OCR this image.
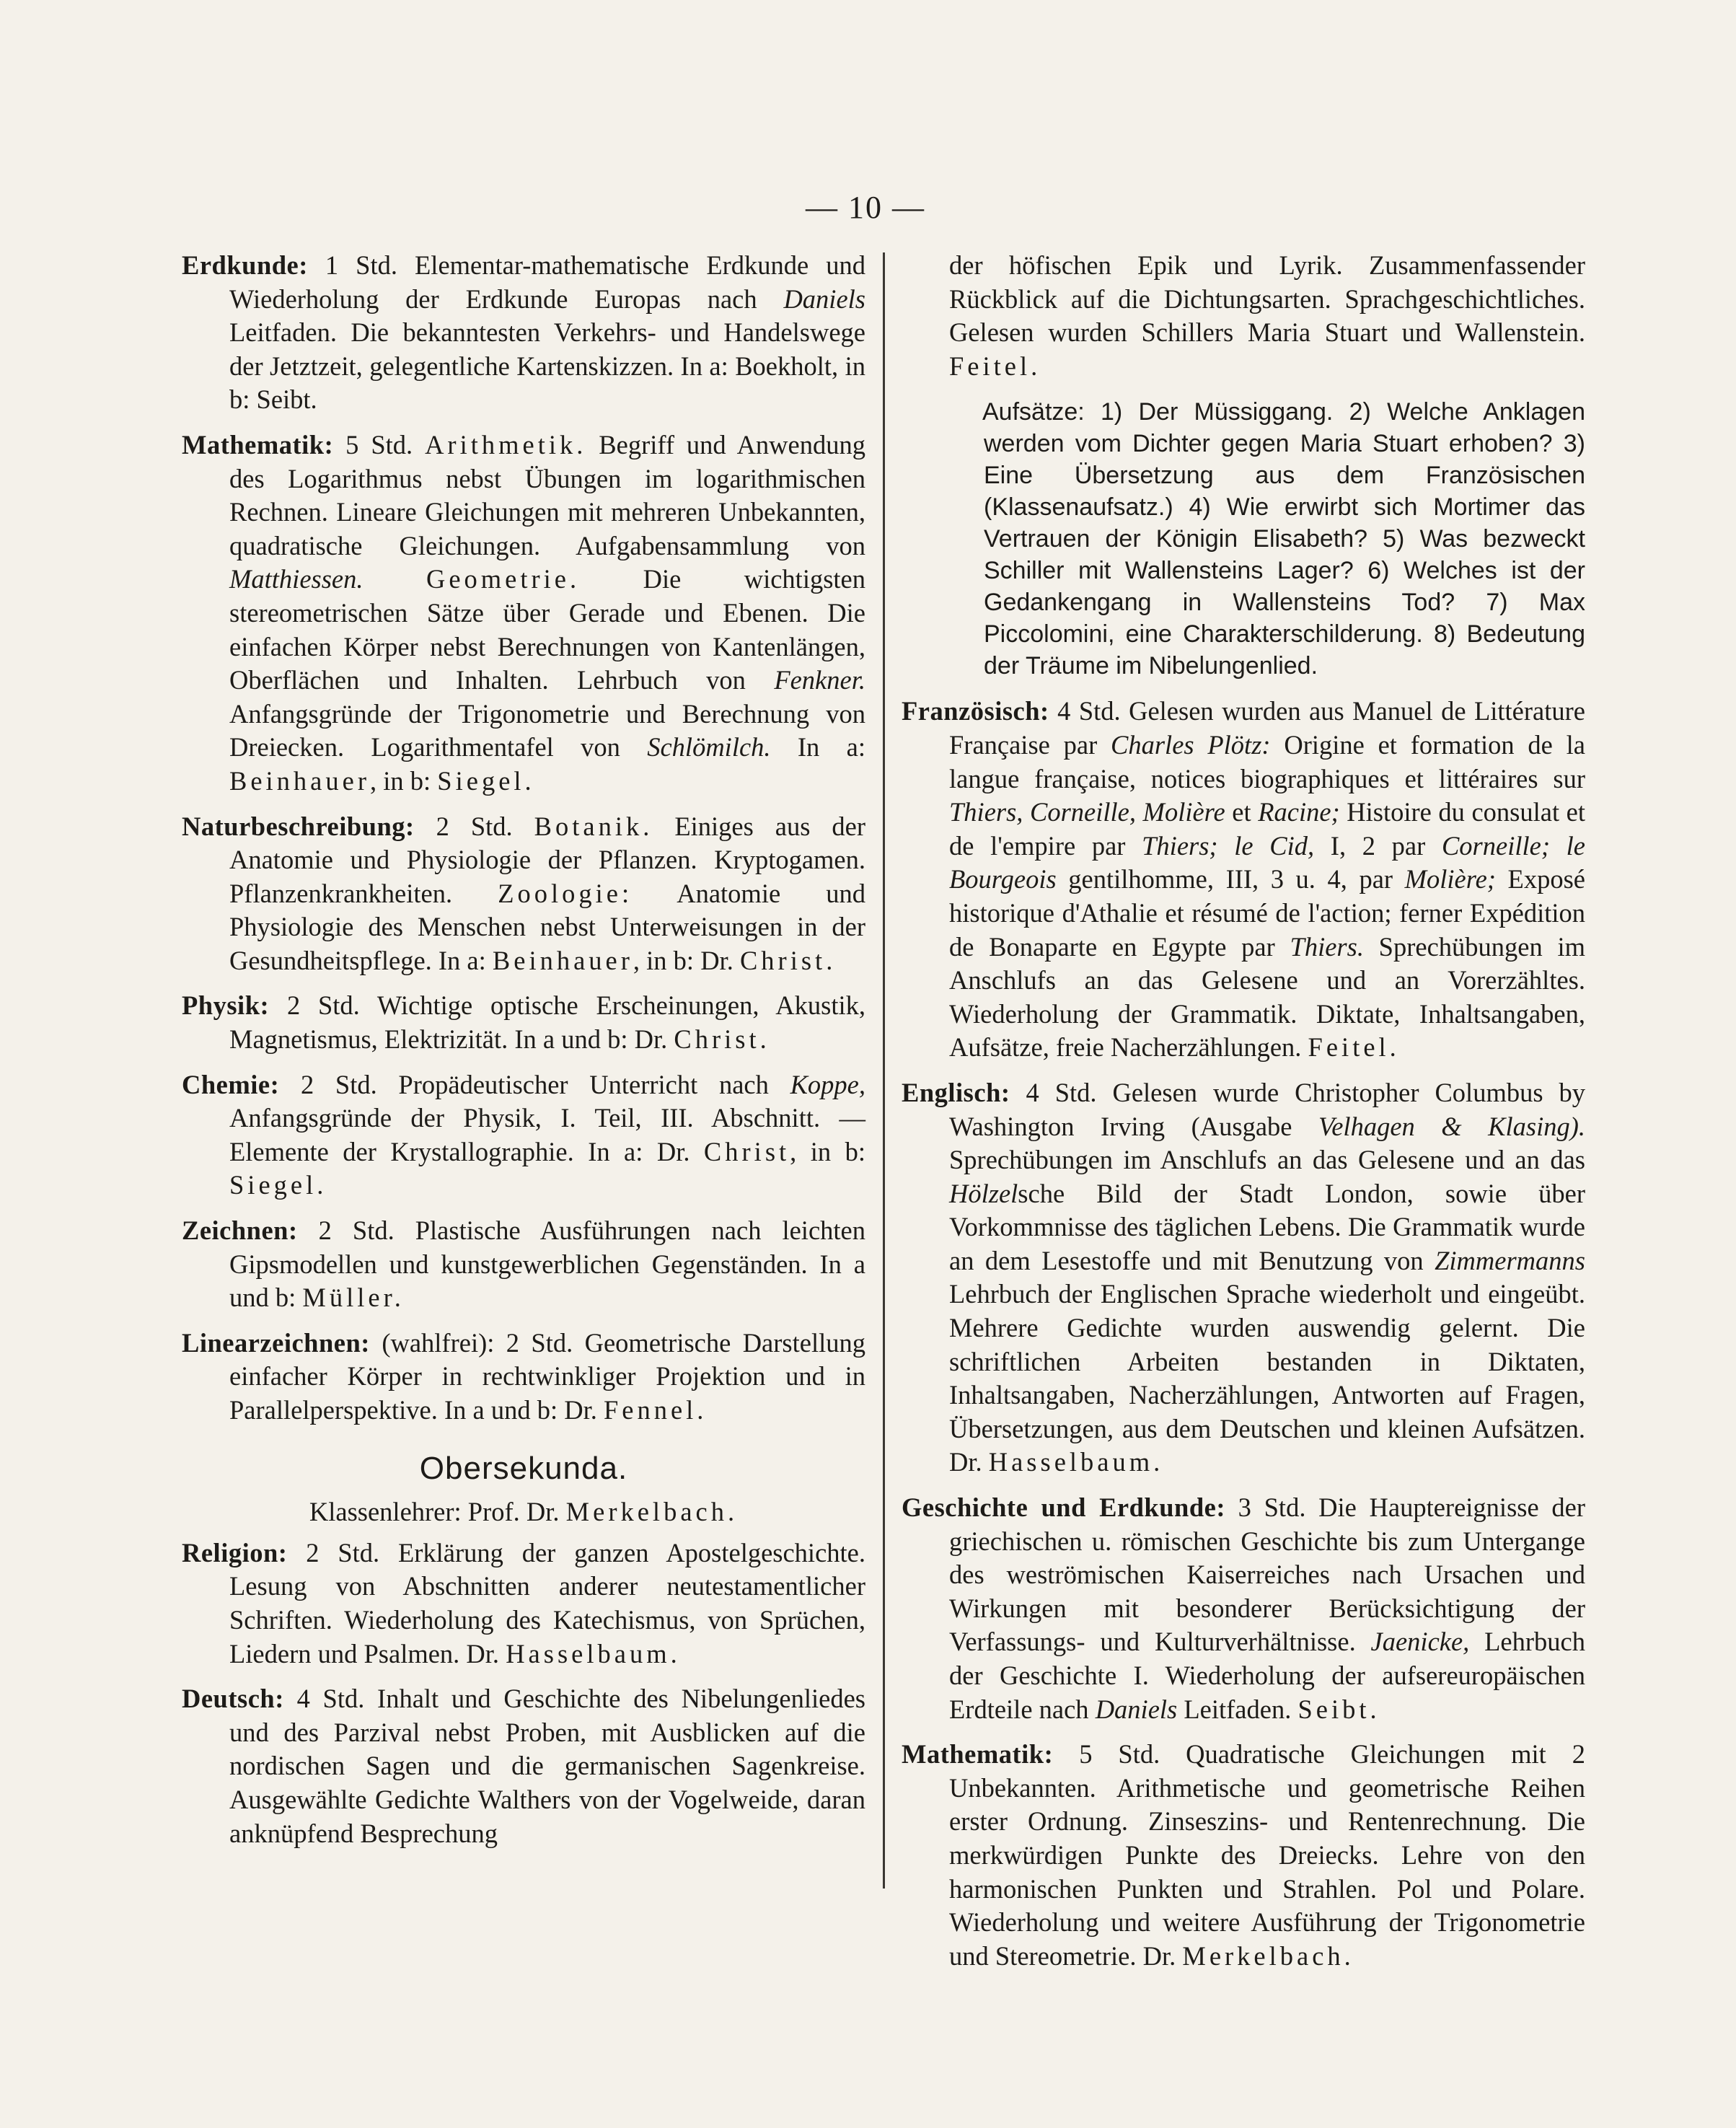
— 10 —

Erdkunde: 1 Std. Elementar-mathematische Erdkunde und Wiederholung der Erdkunde Europas nach Daniels Leitfaden. Die bekanntesten Verkehrs- und Handelswege der Jetztzeit, gelegentliche Kartenskizzen. In a: Boekholt, in b: Seibt.

Mathematik: 5 Std. Arithmetik. Begriff und Anwendung des Logarithmus nebst Übungen im logarithmischen Rechnen. Lineare Gleichungen mit mehreren Unbekannten, quadratische Gleichungen. Aufgabensammlung von Matthiessen. Geometrie. Die wichtigsten stereometrischen Sätze über Gerade und Ebenen. Die einfachen Körper nebst Berechnungen von Kantenlängen, Oberflächen und Inhalten. Lehrbuch von Fenkner. Anfangsgründe der Trigonometrie und Berechnung von Dreiecken. Logarithmentafel von Schlömilch. In a: Beinhauer, in b: Siegel.

Naturbeschreibung: 2 Std. Botanik. Einiges aus der Anatomie und Physiologie der Pflanzen. Kryptogamen. Pflanzenkrankheiten. Zoologie: Anatomie und Physiologie des Menschen nebst Unterweisungen in der Gesundheitspflege. In a: Beinhauer, in b: Dr. Christ.

Physik: 2 Std. Wichtige optische Erscheinungen, Akustik, Magnetismus, Elektrizität. In a und b: Dr. Christ.

Chemie: 2 Std. Propädeutischer Unterricht nach Koppe, Anfangsgründe der Physik, I. Teil, III. Abschnitt. — Elemente der Krystallographie. In a: Dr. Christ, in b: Siegel.

Zeichnen: 2 Std. Plastische Ausführungen nach leichten Gipsmodellen und kunstgewerblichen Gegenständen. In a und b: Müller.

Linearzeichnen: (wahlfrei): 2 Std. Geometrische Darstellung einfacher Körper in rechtwinkliger Projektion und in Parallelperspektive. In a und b: Dr. Fennel.

Obersekunda.

Klassenlehrer: Prof. Dr. Merkelbach.

Religion: 2 Std. Erklärung der ganzen Apostelgeschichte. Lesung von Abschnitten anderer neutestamentlicher Schriften. Wiederholung des Katechismus, von Sprüchen, Liedern und Psalmen. Dr. Hasselbaum.

Deutsch: 4 Std. Inhalt und Geschichte des Nibelungenliedes und des Parzival nebst Proben, mit Ausblicken auf die nordischen Sagen und die germanischen Sagenkreise. Ausgewählte Gedichte Walthers von der Vogelweide, daran anknüpfend Besprechung

der höfischen Epik und Lyrik. Zusammenfassender Rückblick auf die Dichtungsarten. Sprachgeschichtliches. Gelesen wurden Schillers Maria Stuart und Wallenstein. Feitel.

Aufsätze: 1) Der Müssiggang. 2) Welche Anklagen werden vom Dichter gegen Maria Stuart erhoben? 3) Eine Übersetzung aus dem Französischen (Klassenaufsatz.) 4) Wie erwirbt sich Mortimer das Vertrauen der Königin Elisabeth? 5) Was bezweckt Schiller mit Wallensteins Lager? 6) Welches ist der Gedankengang in Wallensteins Tod? 7) Max Piccolomini, eine Charakterschilderung. 8) Bedeutung der Träume im Nibelungenlied.

Französisch: 4 Std. Gelesen wurden aus Manuel de Littérature Française par Charles Plötz: Origine et formation de la langue française, notices biographiques et littéraires sur Thiers, Corneille, Molière et Racine; Histoire du consulat et de l'empire par Thiers; le Cid, I, 2 par Corneille; le Bourgeois gentilhomme, III, 3 u. 4, par Molière; Exposé historique d'Athalie et résumé de l'action; ferner Expédition de Bonaparte en Egypte par Thiers. Sprechübungen im Anschlufs an das Gelesene und an Vorerzähltes. Wiederholung der Grammatik. Diktate, Inhaltsangaben, Aufsätze, freie Nacherzählungen. Feitel.

Englisch: 4 Std. Gelesen wurde Christopher Columbus by Washington Irving (Ausgabe Velhagen & Klasing). Sprechübungen im Anschlufs an das Gelesene und an das Hölzelsche Bild der Stadt London, sowie über Vorkommnisse des täglichen Lebens. Die Grammatik wurde an dem Lesestoffe und mit Benutzung von Zimmermanns Lehrbuch der Englischen Sprache wiederholt und eingeübt. Mehrere Gedichte wurden auswendig gelernt. Die schriftlichen Arbeiten bestanden in Diktaten, Inhaltsangaben, Nacherzählungen, Antworten auf Fragen, Übersetzungen, aus dem Deutschen und kleinen Aufsätzen. Dr. Hasselbaum.

Geschichte und Erdkunde: 3 Std. Die Hauptereignisse der griechischen u. römischen Geschichte bis zum Untergange des weströmischen Kaiserreiches nach Ursachen und Wirkungen mit besonderer Berücksichtigung der Verfassungs- und Kulturverhältnisse. Jaenicke, Lehrbuch der Geschichte I. Wiederholung der aufsereuropäischen Erdteile nach Daniels Leitfaden. Seibt.

Mathematik: 5 Std. Quadratische Gleichungen mit 2 Unbekannten. Arithmetische und geometrische Reihen erster Ordnung. Zinseszins- und Rentenrechnung. Die merkwürdigen Punkte des Dreiecks. Lehre von den harmonischen Punkten und Strahlen. Pol und Polare. Wiederholung und weitere Ausführung der Trigonometrie und Stereometrie. Dr. Merkelbach.
